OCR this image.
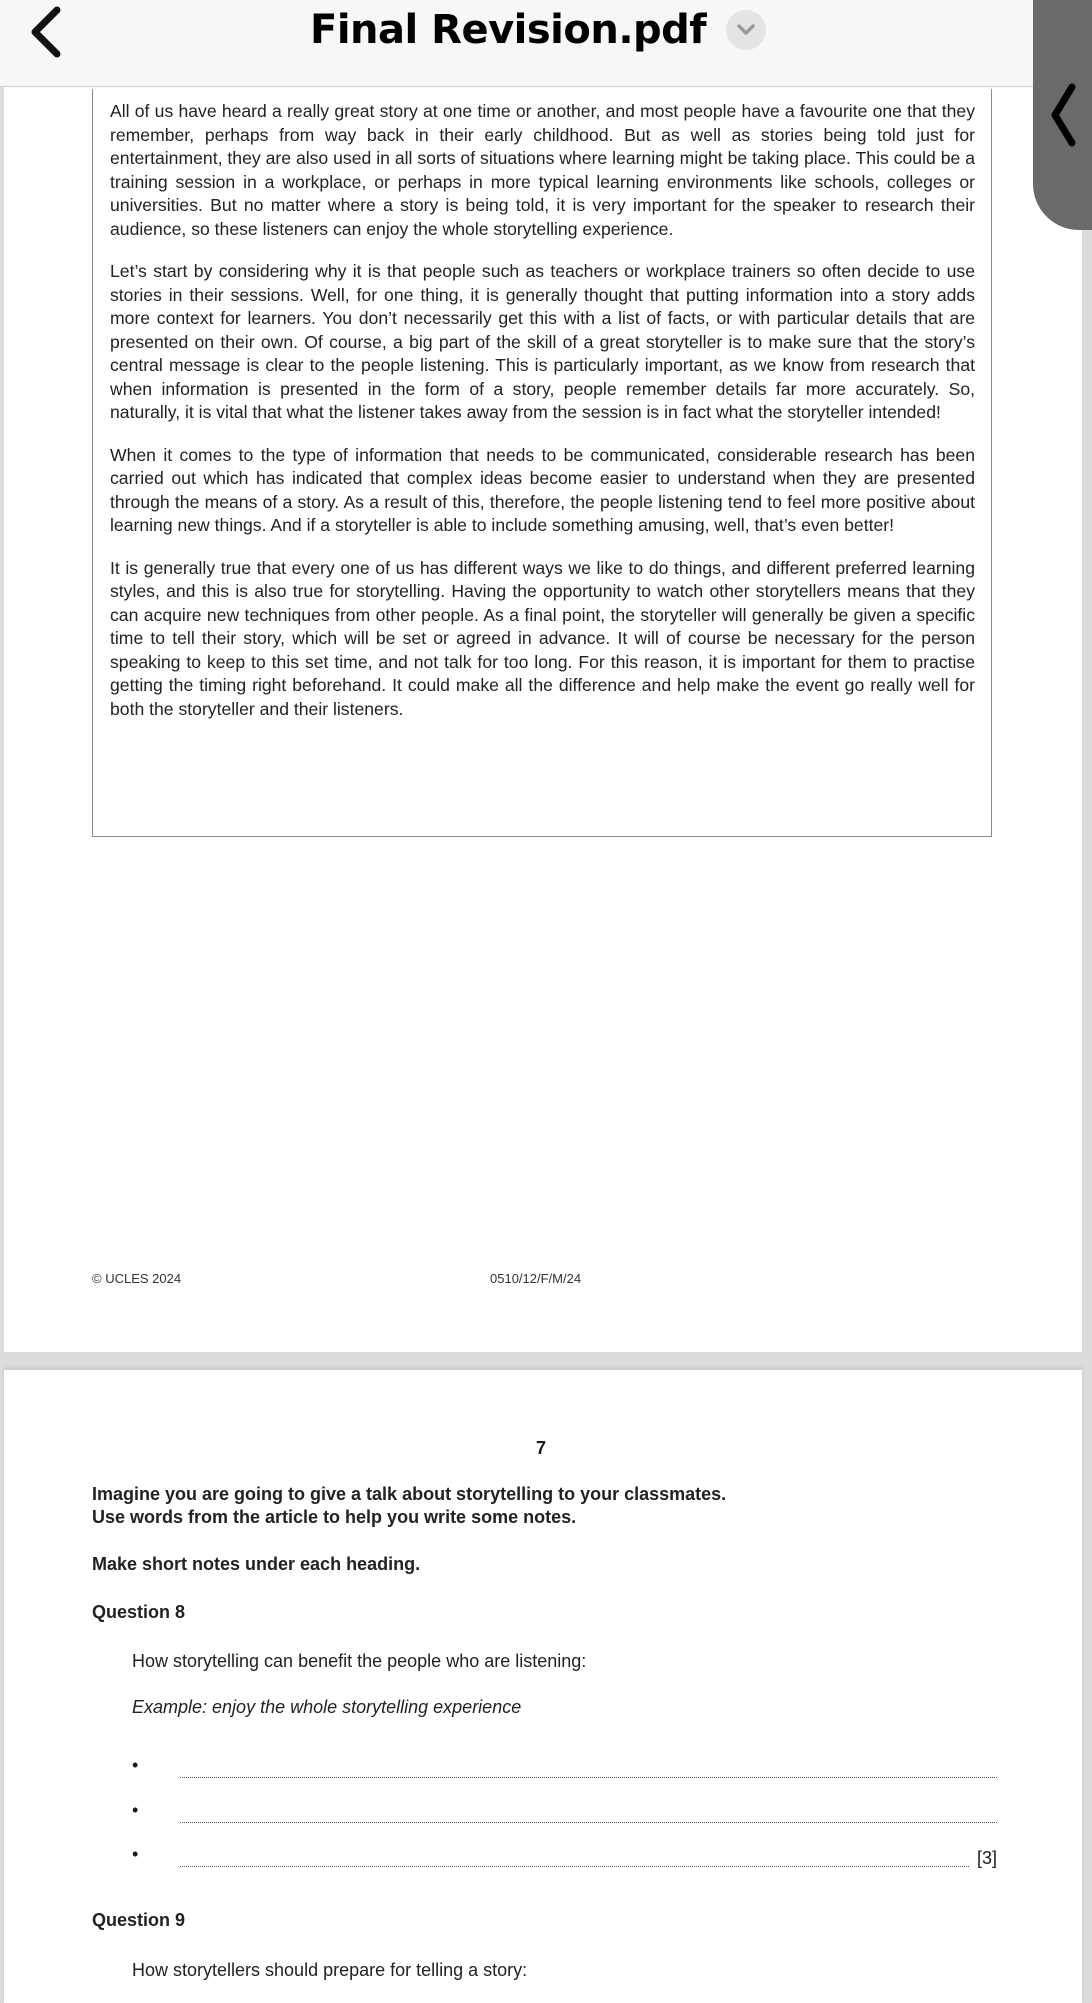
Final Revision.pdf

All of us have heard a really great story at one time or another, and most people have a favourite one that they remember, perhaps from way back in their early childhood. But as well as stories being told just for entertainment, they are also used in all sorts of situations where learning might be taking place. This could be a training session in a workplace, or perhaps in more typical learning environments like schools, colleges or universities. But no matter where a story is being told, it is very important for the speaker to research their audience, so these listeners can enjoy the whole storytelling experience.

Let’s start by considering why it is that people such as teachers or workplace trainers so often decide to use stories in their sessions. Well, for one thing, it is generally thought that putting information into a story adds more context for learners. You don’t necessarily get this with a list of facts, or with particular details that are presented on their own. Of course, a big part of the skill of a great storyteller is to make sure that the story’s central message is clear to the people listening. This is particularly important, as we know from research that when information is presented in the form of a story, people remember details far more accurately. So, naturally, it is vital that what the listener takes away from the session is in fact what the storyteller intended!

When it comes to the type of information that needs to be communicated, considerable research has been carried out which has indicated that complex ideas become easier to understand when they are presented through the means of a story. As a result of this, therefore, the people listening tend to feel more positive about learning new things. And if a storyteller is able to include something amusing, well, that’s even better!

It is generally true that every one of us has different ways we like to do things, and different preferred learning styles, and this is also true for storytelling. Having the opportunity to watch other storytellers means that they can acquire new techniques from other people. As a final point, the storyteller will generally be given a specific time to tell their story, which will be set or agreed in advance. It will of course be necessary for the person speaking to keep to this set time, and not talk for too long. For this reason, it is important for them to practise getting the timing right beforehand. It could make all the difference and help make the event go really well for both the storyteller and their listeners.

© UCLES 2024	0510/12/F/M/24
7
Imagine you are going to give a talk about storytelling to your classmates.
Use words from the article to help you write some notes.
Make short notes under each heading.
Question 8
How storytelling can benefit the people who are listening:
Example: enjoy the whole storytelling experience
•
•
•	[3]
Question 9
How storytellers should prepare for telling a story:
